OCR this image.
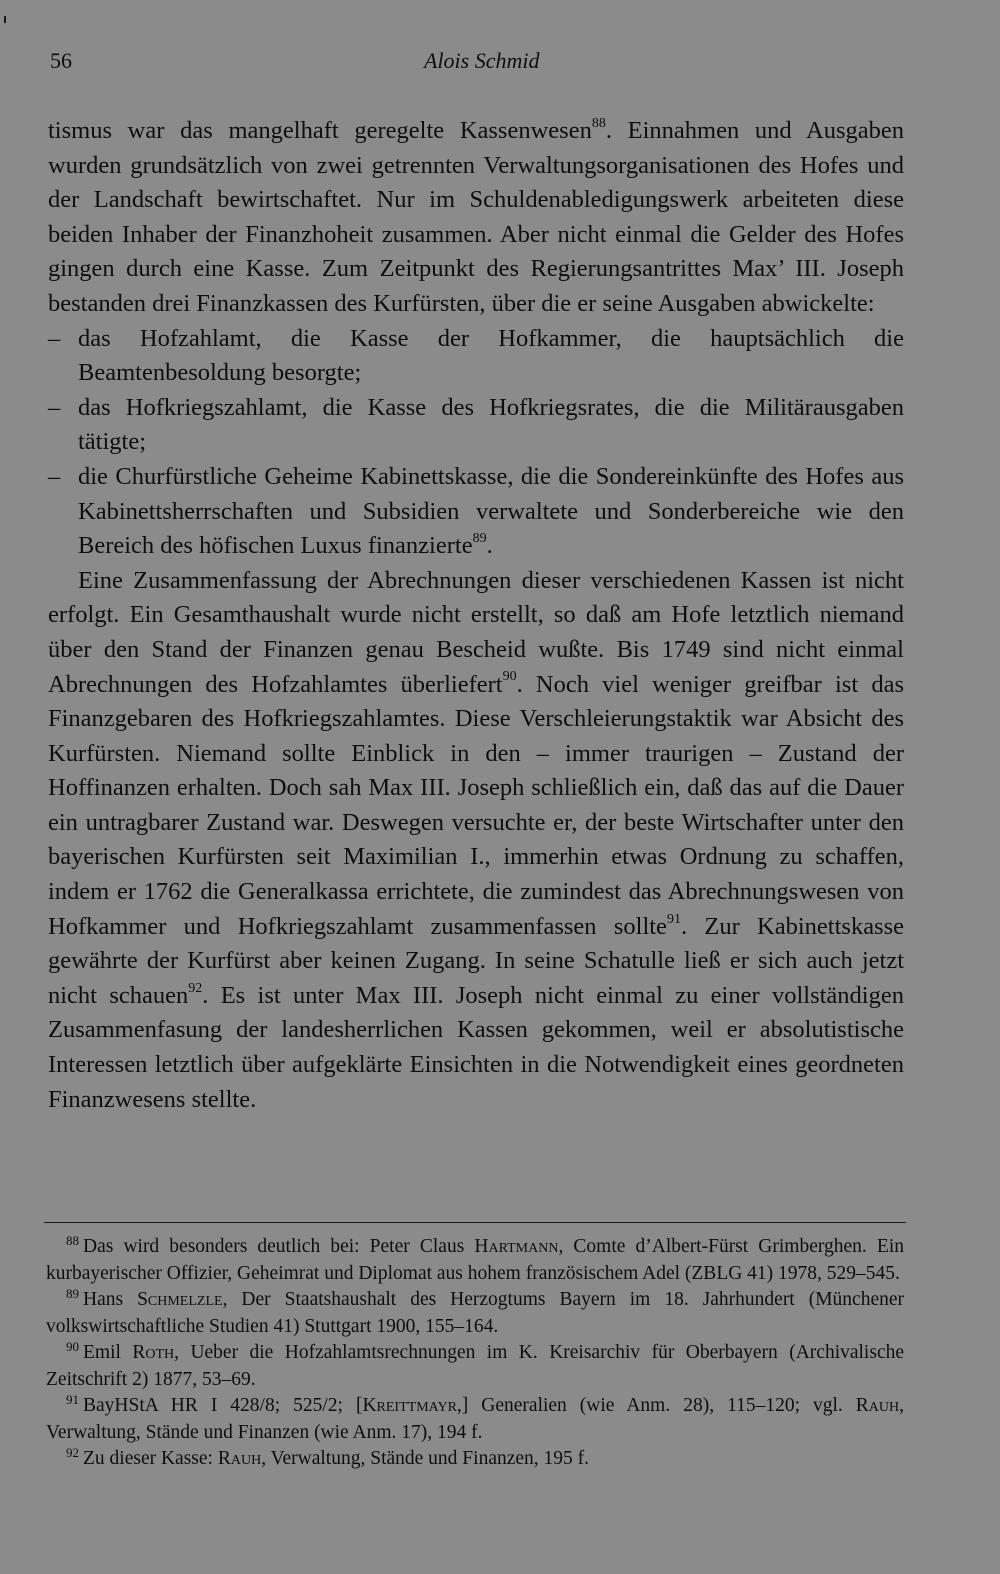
56	Alois Schmid

tismus war das mangelhaft geregelte Kassenwesen$^{88}$. Einnahmen und Ausgaben wurden grundsätzlich von zwei getrennten Verwaltungsorganisationen des Hofes und der Landschaft bewirtschaftet. Nur im Schuldenabledigungswerk arbeiteten diese beiden Inhaber der Finanzhoheit zusammen. Aber nicht einmal die Gelder des Hofes gingen durch eine Kasse. Zum Zeitpunkt des Regierungsantrittes Max’ III. Joseph bestanden drei Finanzkassen des Kurfürsten, über die er seine Ausgaben abwickelte:

– das Hofzahlamt, die Kasse der Hofkammer, die hauptsächlich die Beamtenbesoldung besorgte;
– das Hofkriegszahlamt, die Kasse des Hofkriegsrates, die die Militärausgaben tätigte;
– die Churfürstliche Geheime Kabinettskasse, die die Sondereinkünfte des Hofes aus Kabinettsherrschaften und Subsidien verwaltete und Sonderbereiche wie den Bereich des höfischen Luxus finanzierte$^{89}$.

Eine Zusammenfassung der Abrechnungen dieser verschiedenen Kassen ist nicht erfolgt. Ein Gesamthaushalt wurde nicht erstellt, so daß am Hofe letztlich niemand über den Stand der Finanzen genau Bescheid wußte. Bis 1749 sind nicht einmal Abrechnungen des Hofzahlamtes überliefert$^{90}$. Noch viel weniger greifbar ist das Finanzgebaren des Hofkriegszahlamtes. Diese Verschleierungstaktik war Absicht des Kurfürsten. Niemand sollte Einblick in den – immer traurigen – Zustand der Hoffinanzen erhalten. Doch sah Max III. Joseph schließlich ein, daß das auf die Dauer ein untragbarer Zustand war. Deswegen versuchte er, der beste Wirtschafter unter den bayerischen Kurfürsten seit Maximilian I., immerhin etwas Ordnung zu schaffen, indem er 1762 die Generalkassa errichtete, die zumindest das Abrechnungswesen von Hofkammer und Hofkriegszahlamt zusammenfassen sollte$^{91}$. Zur Kabinettskasse gewährte der Kurfürst aber keinen Zugang. In seine Schatulle ließ er sich auch jetzt nicht schauen$^{92}$. Es ist unter Max III. Joseph nicht einmal zu einer vollständigen Zusammenfasung der landesherrlichen Kassen gekommen, weil er absolutistische Interessen letztlich über aufgeklärte Einsichten in die Notwendigkeit eines geordneten Finanzwesens stellte.

$^{88}$ Das wird besonders deutlich bei: Peter Claus Hartmann, Comte d’Albert-Fürst Grimberghen. Ein kurbayerischer Offizier, Geheimrat und Diplomat aus hohem französischem Adel (ZBLG 41) 1978, 529–545.

$^{89}$ Hans Schmelzle, Der Staatshaushalt des Herzogtums Bayern im 18. Jahrhundert (Münchener volkswirtschaftliche Studien 41) Stuttgart 1900, 155–164.

$^{90}$ Emil Roth, Ueber die Hofzahlamtsrechnungen im K. Kreisarchiv für Oberbayern (Archivalische Zeitschrift 2) 1877, 53–69.

$^{91}$ BayHStA HR I 428/8; 525/2; [Kreittmayr,] Generalien (wie Anm. 28), 115–120; vgl. Rauh, Verwaltung, Stände und Finanzen (wie Anm. 17), 194 f.

$^{92}$ Zu dieser Kasse: Rauh, Verwaltung, Stände und Finanzen, 195 f.
